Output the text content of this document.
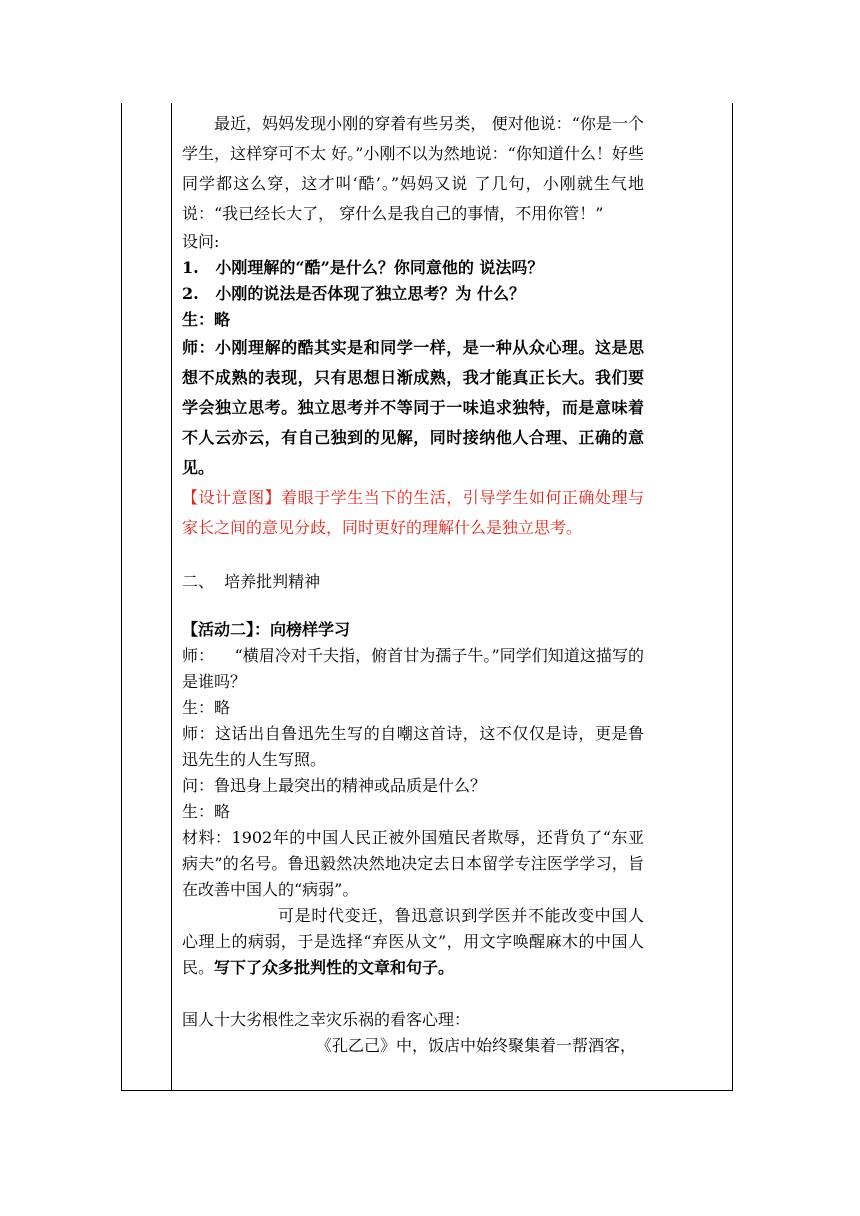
最近，妈妈发现小刚的穿着有些另类， 便对他说：“你是一个学生，这样穿可不太 好。”小刚不以为然地说：“你知道什么！好些同学都这么穿，这才叫‘酷’。”妈妈又说 了几句，小刚就生气地说：“我已经长大了， 穿什么是我自己的事情，不用你管！”

设问:

1.   小刚理解的“酷”是什么？你同意他的 说法吗？

2.   小刚的说法是否体现了独立思考？为 什么？

生：略

师：小刚理解的酷其实是和同学一样，是一种从众心理。这是思想不成熟的表现，只有思想日渐成熟，我才能真正长大。我们要学会独立思考。独立思考并不等同于一味追求独特，而是意味着不人云亦云，有自己独到的见解，同时接纳他人合理、正确的意见。

【设计意图】着眼于学生当下的生活，引导学生如何正确处理与家长之间的意见分歧，同时更好的理解什么是独立思考。

二、  培养批判精神

【活动二】：向榜样学习

师：    “横眉冷对千夫指，俯首甘为孺子牛。”同学们知道这描写的是谁吗？

生：略

师：这话出自鲁迅先生写的自嘲这首诗，这不仅仅是诗，更是鲁迅先生的人生写照。

问：鲁迅身上最突出的精神或品质是什么？

生：略

材料：1902年的中国人民正被外国殖民者欺辱，还背负了“东亚病夫”的名号。鲁迅毅然决然地决定去日本留学专注医学学习，旨在改善中国人的“病弱”。

可是时代变迁，鲁迅意识到学医并不能改变中国人心理上的病弱，于是选择“弃医从文”，用文字唤醒麻木的中国人民。写下了众多批判性的文章和句子。

国人十大劣根性之幸灾乐祸的看客心理：

《孔乙己》中，饭店中始终聚集着一帮酒客，
